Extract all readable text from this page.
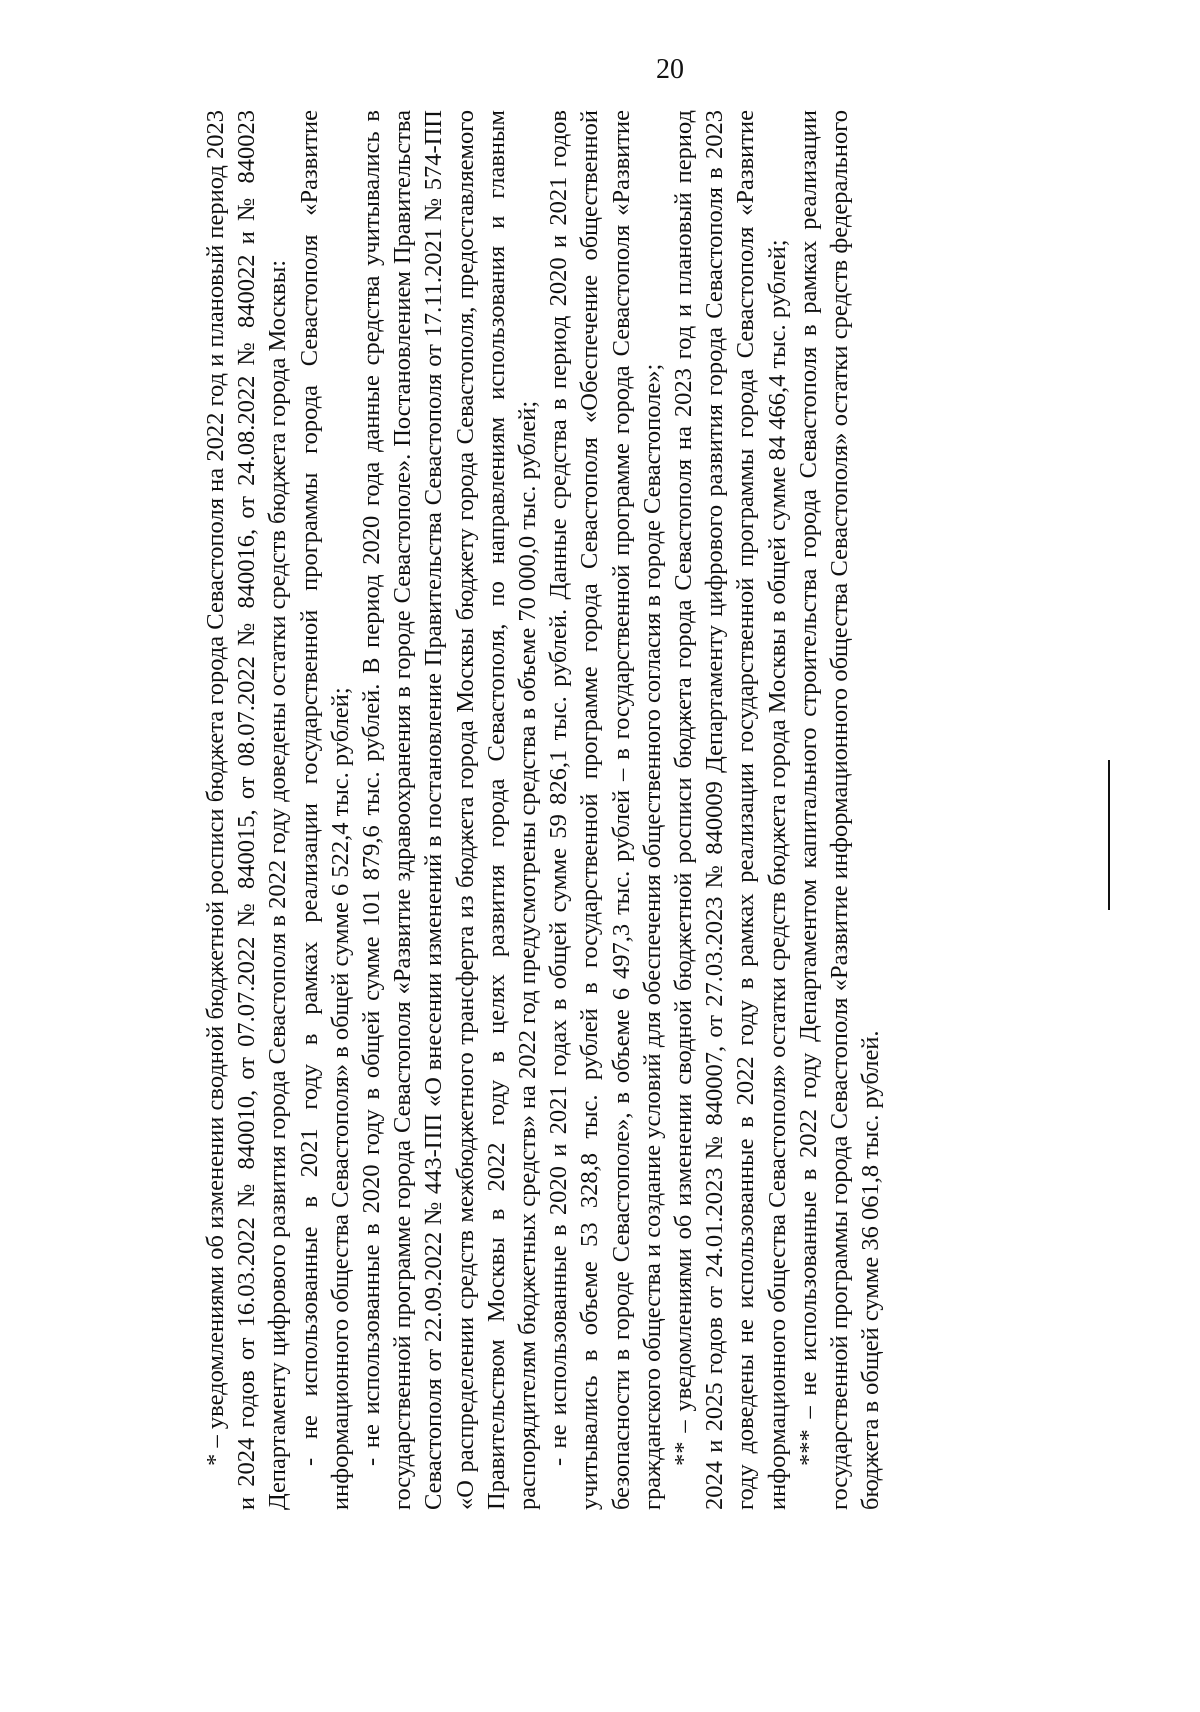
20

* – уведомлениями об изменении сводной бюджетной росписи бюджета города Севастополя на 2022 год и плановый период 2023 и 2024 годов от 16.03.2022 № 840010, от 07.07.2022 № 840015, от 08.07.2022 № 840016, от 24.08.2022 № 840022 и № 840023 Департаменту цифрового развития города Севастополя в 2022 году доведены остатки средств бюджета города Москвы: - не использованные в 2021 году в рамках реализации государственной программы города Севастополя «Развитие информационного общества Севастополя» в общей сумме 6 522,4 тыс. рублей; - не использованные в 2020 году в общей сумме 101 879,6 тыс. рублей. В период 2020 года данные средства учитывались в государственной программе города Севастополя «Развитие здравоохранения в городе Севастополе». Постановлением Правительства Севастополя от 22.09.2022 № 443-ПП «О внесении изменений в постановление Правительства Севастополя от 17.11.2021 № 574-ПП «О распределении средств межбюджетного трансферта из бюджета города Москвы бюджету города Севастополя, предоставляемого Правительством Москвы в 2022 году в целях развития города Севастополя, по направлениям использования и главным распорядителям бюджетных средств» на 2022 год предусмотрены средства в объеме 70 000,0 тыс. рублей; - не использованные в 2020 и 2021 годах в общей сумме 59 826,1 тыс. рублей. Данные средства в период 2020 и 2021 годов учитывались в объеме 53 328,8 тыс. рублей в государственной программе города Севастополя «Обеспечение общественной безопасности в городе Севастополе», в объеме 6 497,3 тыс. рублей – в государственной программе города Севастополя «Развитие гражданского общества и создание условий для обеспечения общественного согласия в городе Севастополе»; ** – уведомлениями об изменении сводной бюджетной росписи бюджета города Севастополя на 2023 год и плановый период 2024 и 2025 годов от 24.01.2023 № 840007, от 27.03.2023 № 840009 Департаменту цифрового развития города Севастополя в 2023 году доведены не использованные в 2022 году в рамках реализации государственной программы города Севастополя «Развитие информационного общества Севастополя» остатки средств бюджета города Москвы в общей сумме 84 466,4 тыс. рублей; *** – не использованные в 2022 году Департаментом капитального строительства города Севастополя в рамках реализации государственной программы города Севастополя «Развитие информационного общества Севастополя» остатки средств федерального бюджета в общей сумме 36 061,8 тыс. рублей.
